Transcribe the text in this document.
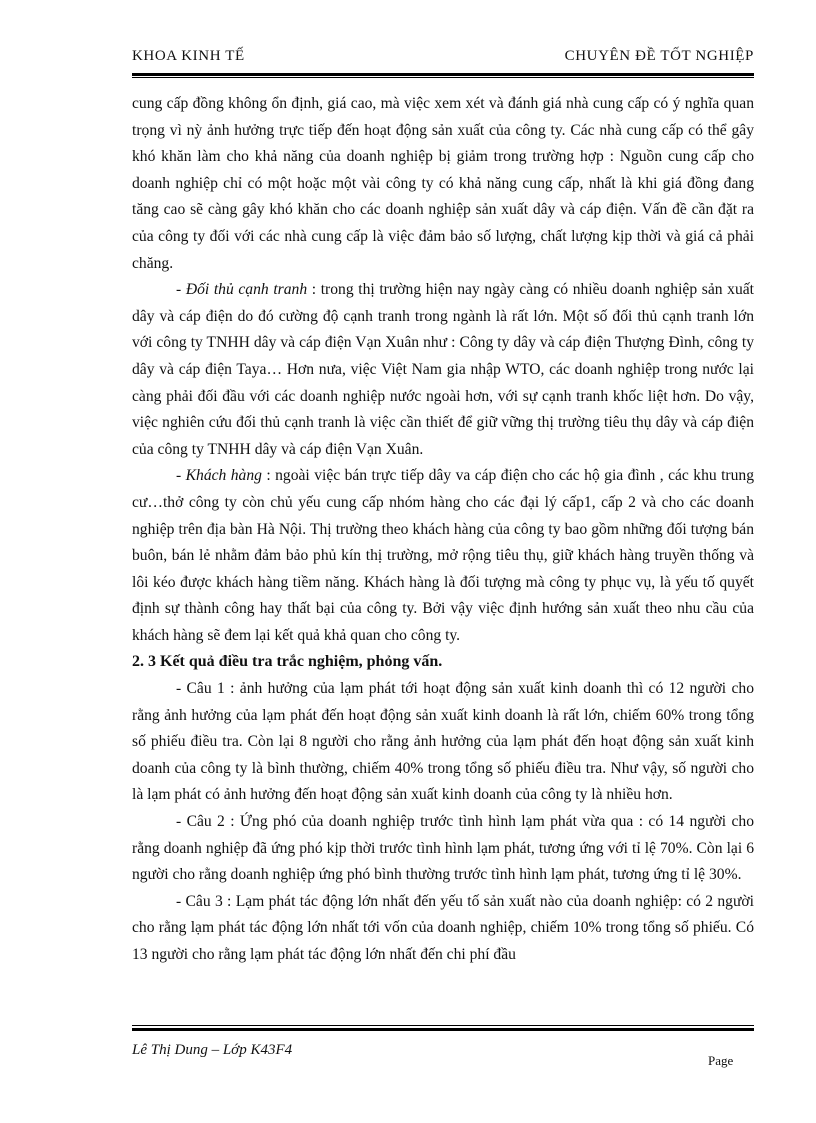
KHOA KINH TẾ	CHUYÊN ĐỀ TỐT NGHIỆP

cung cấp đồng không ổn định, giá cao, mà việc xem xét và đánh giá nhà cung cấp có ý nghĩa quan trọng vì nỳ ảnh hưởng trực tiếp đến hoạt động sản xuất của công ty. Các nhà cung cấp có thể gây khó khăn làm cho khả năng của doanh nghiệp bị giảm trong trường hợp : Nguồn cung cấp cho doanh nghiệp chỉ có một hoặc một vài công ty có khả năng cung cấp, nhất là khi giá đồng đang tăng cao sẽ càng gây khó khăn cho các doanh nghiệp sản xuất dây và cáp điện. Vấn đề cần đặt ra của công ty đối với các nhà cung cấp là việc đảm bảo số lượng, chất lượng kịp thời và giá cả phải chăng.

- Đối thủ cạnh tranh : trong thị trường hiện nay ngày càng có nhiều doanh nghiệp sản xuất dây và cáp điện do đó cường độ cạnh tranh trong ngành là rất lớn. Một số đối thủ cạnh tranh lớn với công ty TNHH dây và cáp điện Vạn Xuân như : Công ty dây và cáp điện Thượng Đình, công ty dây và cáp điện Taya… Hơn nưa, việc Việt Nam gia nhập WTO, các doanh nghiệp trong nước lại càng phải đối đầu với các doanh nghiệp nước ngoài hơn, với sự cạnh tranh khốc liệt hơn. Do vậy, việc nghiên cứu đối thủ cạnh tranh là việc cần thiết để giữ vững thị trường tiêu thụ dây và cáp điện của công ty TNHH dây và cáp điện Vạn Xuân.

- Khách hàng : ngoài việc bán trực tiếp dây va cáp điện cho các hộ gia đình , các khu trung cư…thở công ty còn chủ yếu cung cấp nhóm hàng cho các đại lý cấp1, cấp 2 và cho các doanh nghiệp trên địa bàn Hà Nội. Thị trường theo khách hàng của công ty bao gồm những đối tượng bán buôn, bán lẻ nhằm đảm bảo phủ kín thị trường, mở rộng tiêu thụ, giữ khách hàng truyền thống và lôi kéo được khách hàng tiềm năng. Khách hàng là đối tượng mà công ty phục vụ, là yếu tố quyết định sự thành công hay thất bại của công ty. Bởi vậy việc định hướng sản xuất theo nhu cầu của khách hàng sẽ đem lại kết quả khả quan cho công ty.

2. 3 Kết quả điều tra trắc nghiệm, phỏng vấn.

- Câu 1 : ảnh hưởng của lạm phát tới hoạt động sản xuất kinh doanh thì có 12 người cho rằng ảnh hưởng của lạm phát đến hoạt động sản xuất kinh doanh là rất lớn, chiếm 60% trong tổng số phiếu điều tra. Còn lại 8 người cho rằng ảnh hưởng của lạm phát đến hoạt động sản xuất kinh doanh của công ty là bình thường, chiếm 40% trong tổng số phiếu điều tra. Như vậy, số người cho là lạm phát có ảnh hưởng đến hoạt động sản xuất kinh doanh của công ty là nhiều hơn.

- Câu 2 : Ứng phó của doanh nghiệp trước tình hình lạm phát vừa qua : có 14 người cho rằng doanh nghiệp đã ứng phó kịp thời trước tình hình lạm phát, tương ứng với tỉ lệ 70%. Còn lại 6 người cho rằng doanh nghiệp ứng phó bình thường trước tình hình lạm phát, tương ứng tỉ lệ 30%.

- Câu 3 : Lạm phát tác động lớn nhất đến yếu tố sản xuất nào của doanh nghiệp: có 2 người cho rằng lạm phát tác động lớn nhất tới vốn của doanh nghiệp, chiếm 10% trong tổng số phiếu. Có 13 người cho rằng lạm phát tác động lớn nhất đến chi phí đầu

Lê Thị Dung – Lớp K43F4
Page
